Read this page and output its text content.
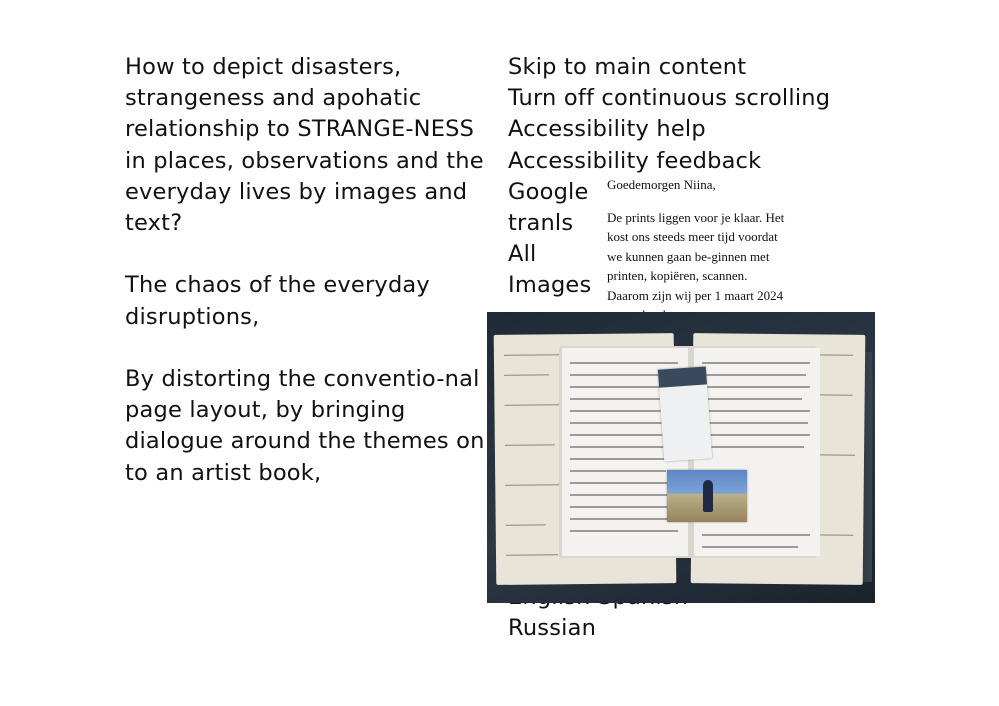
How to depict disasters, strangeness and apohatic relationship to STRANGE-NESS in places, observations and the everyday lives by images and text?

The chaos of the everyday disruptions,

By distorting the conventio-nal page layout, by bringing dialogue around the themes on to an artist book,

Skip to main content
Turn off continuous scrolling
Accessibility help
Accessibility feedback
Google
tranls
All
Images
Russian

Goedemorgen Niina,

De prints liggen voor je klaar. Het kost ons steeds meer tijd voordat we kunnen gaan be-ginnen met printen, kopiëren, scannen. Daarom zijn wij per 1 maart 2024
